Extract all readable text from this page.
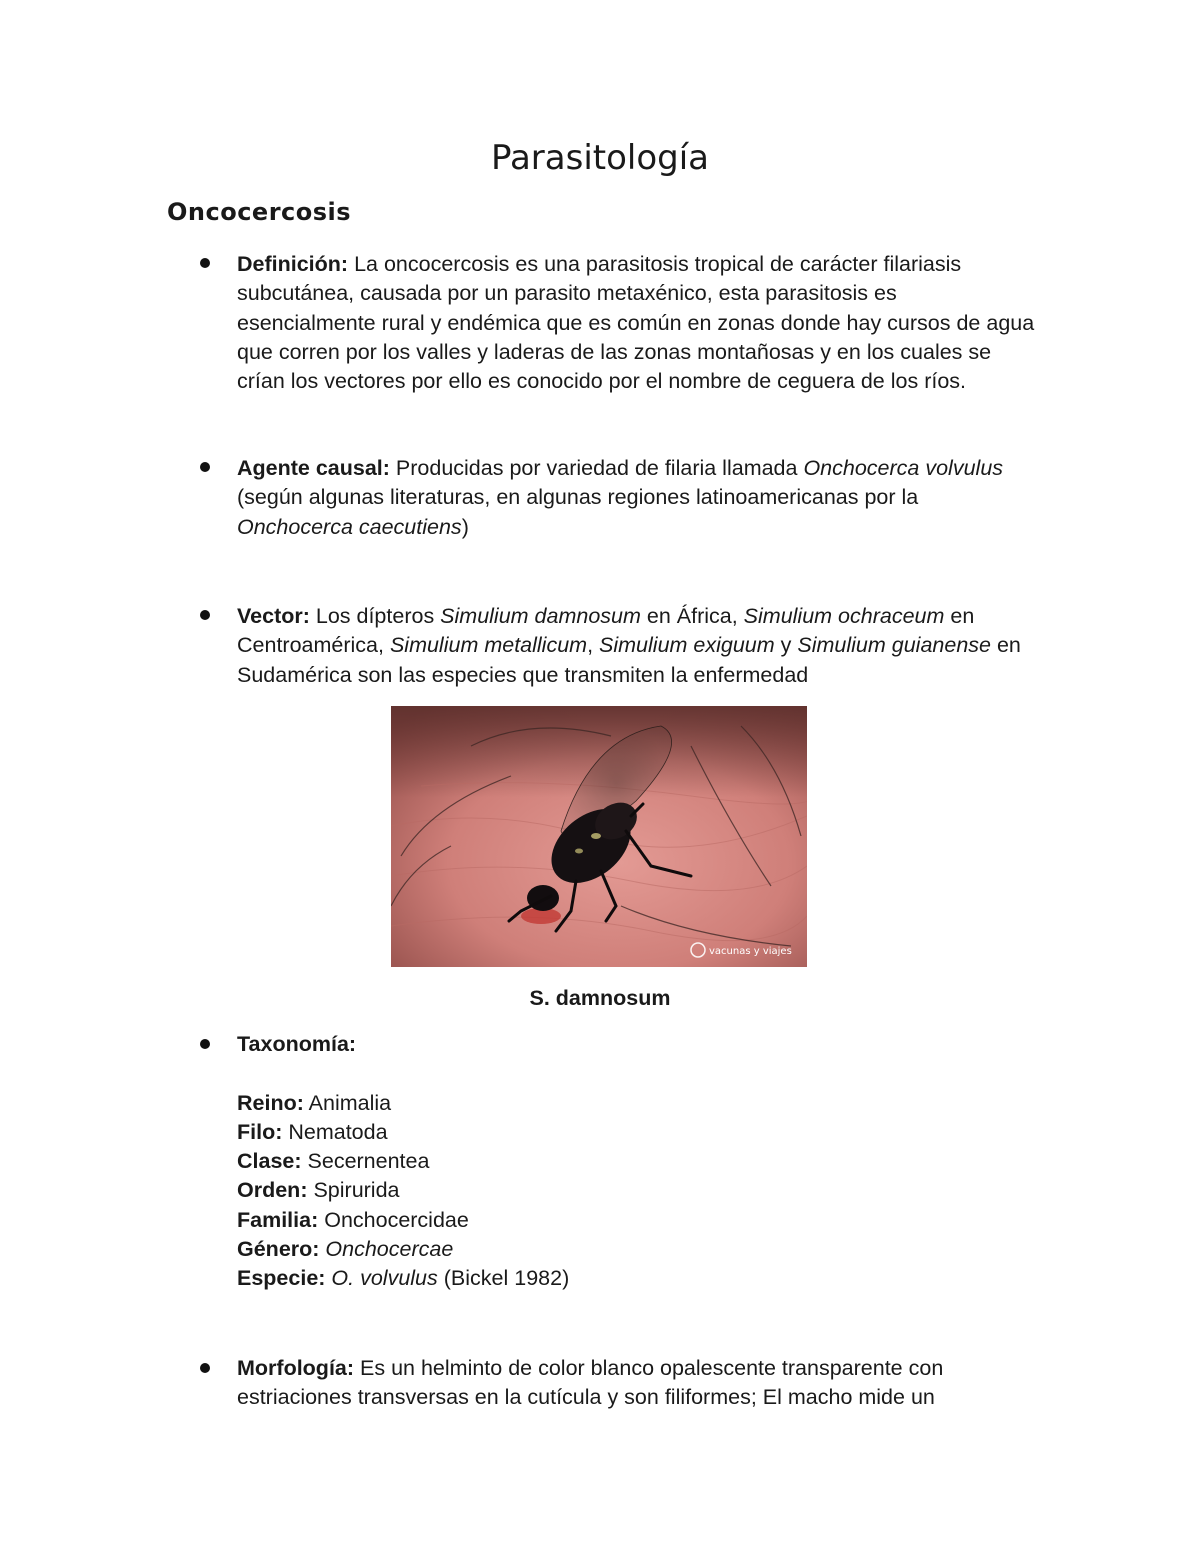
Parasitología
Oncocercosis

Definición: La oncocercosis es una parasitosis tropical de carácter filariasis subcutánea, causada por un parasito metaxénico, esta parasitosis es esencialmente rural y endémica que es común en zonas donde hay cursos de agua que corren por los valles y laderas de las zonas montañosas y en los cuales se crían los vectores por ello es conocido por el nombre de ceguera de los ríos.

Agente causal: Producidas por variedad de filaria llamada Onchocerca volvulus (según algunas literaturas, en algunas regiones latinoamericanas por la Onchocerca caecutiens)

Vector: Los dípteros Simulium damnosum en África, Simulium ochraceum en Centroamérica, Simulium metallicum, Simulium exiguum y Simulium guianense en Sudamérica son las especies que transmiten la enfermedad

vacunas y viajes

S. damnosum

Taxonomía:
Reino: Animalia
Filo: Nematoda
Clase: Secernentea
Orden: Spirurida
Familia: Onchocercidae
Género: Onchocercae
Especie: O. volvulus (Bickel 1982)

Morfología: Es un helminto de color blanco opalescente transparente con estriaciones transversas en la cutícula y son filiformes; El macho mide un
